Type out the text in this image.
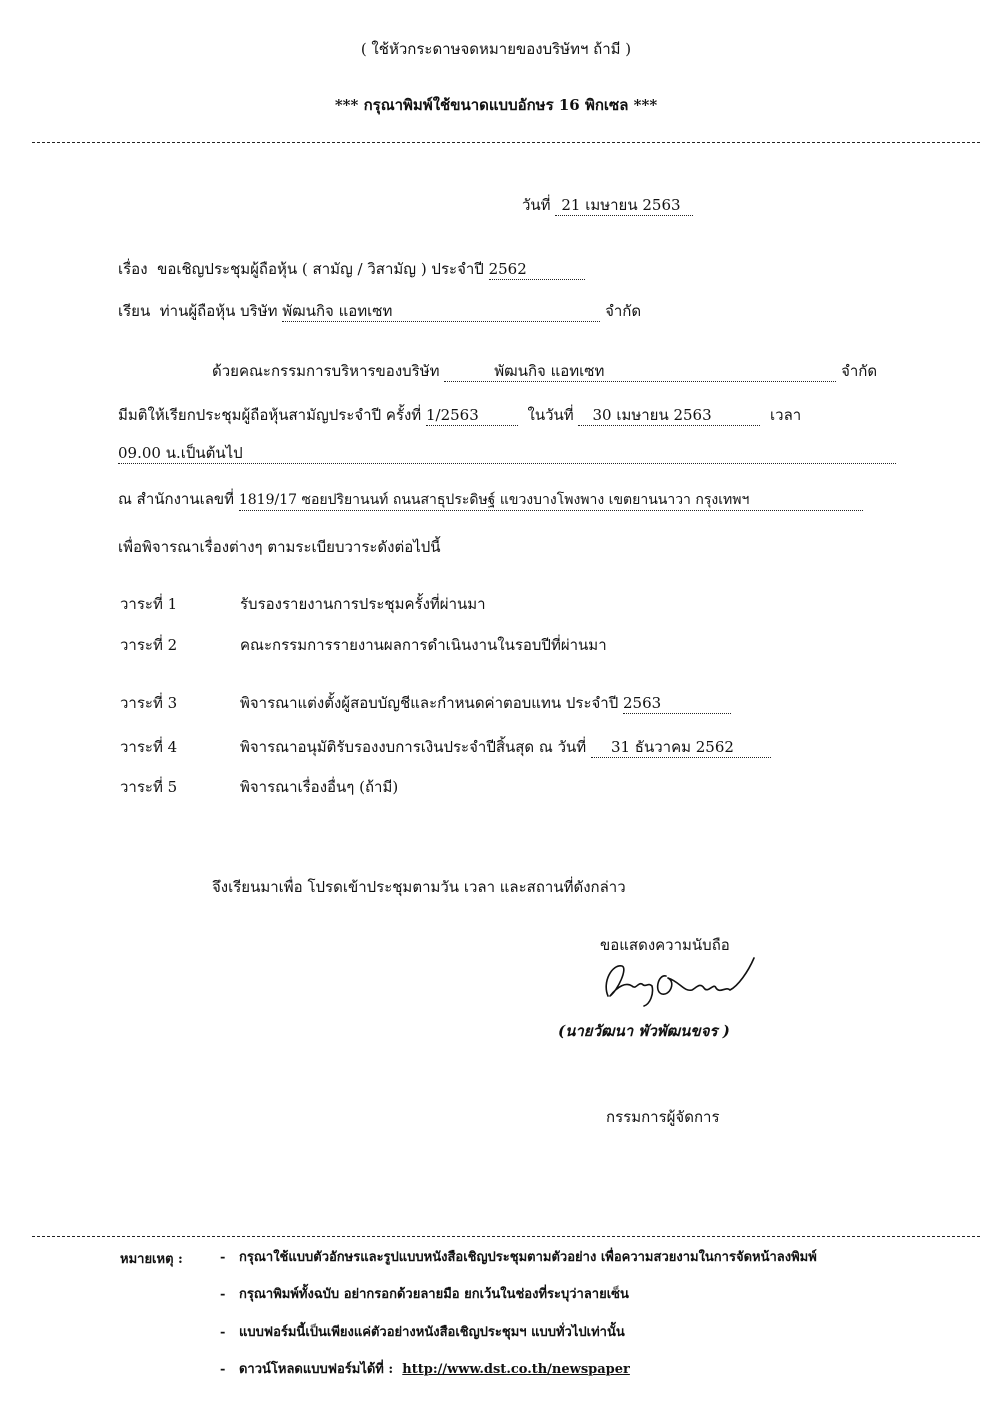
( ใช้หัวกระดาษจดหมายของบริษัทฯ ถ้ามี )
*** กรุณาพิมพ์ใช้ขนาดแบบอักษร 16 พิกเซล ***
วันที่ 21 เมษายน 2563
เรื่อง ขอเชิญประชุมผู้ถือหุ้น ( สามัญ / วิสามัญ ) ประจำปี 2562
เรียน ท่านผู้ถือหุ้น บริษัท พัฒนกิจ แอทเซท	จำกัด
ด้วยคณะกรรมการบริหารของบริษัท	พัฒนกิจ แอทเซท	จำกัด
มีมติให้เรียกประชุมผู้ถือหุ้นสามัญประจำปี ครั้งที่ 1/2563	ในวันที่ 30 เมษายน 2563	เวลา
09.00 น.เป็นต้นไป
ณ สำนักงานเลขที่ 1819/17 ซอยปริยานนท์ ถนนสาธุประดิษฐ์ แขวงบางโพงพาง เขตยานนาวา กรุงเทพฯ
เพื่อพิจารณาเรื่องต่างๆ ตามระเบียบวาระดังต่อไปนี้
วาระที่ 1	รับรองรายงานการประชุมครั้งที่ผ่านมา
วาระที่ 2	คณะกรรมการรายงานผลการดำเนินงานในรอบปีที่ผ่านมา
วาระที่ 3	พิจารณาแต่งตั้งผู้สอบบัญชีและกำหนดค่าตอบแทน ประจำปี 2563
วาระที่ 4	พิจารณาอนุมัติรับรองงบการเงินประจำปีสิ้นสุด ณ วันที่ 31 ธันวาคม 2562
วาระที่ 5	พิจารณาเรื่องอื่นๆ (ถ้ามี)
จึงเรียนมาเพื่อ โปรดเข้าประชุมตามวัน เวลา และสถานที่ดังกล่าว
ขอแสดงความนับถือ
(นายวัฒนา พัวพัฒนขจร )
กรรมการผู้จัดการ
หมายเหตุ :	-   กรุณาใช้แบบตัวอักษรและรูปแบบหนังสือเชิญประชุมตามตัวอย่าง เพื่อความสวยงามในการจัดหน้าลงพิมพ์
-   กรุณาพิมพ์ทั้งฉบับ อย่ากรอกด้วยลายมือ ยกเว้นในช่องที่ระบุว่าลายเซ็น
-   แบบฟอร์มนี้เป็นเพียงแค่ตัวอย่างหนังสือเชิญประชุมฯ แบบทั่วไปเท่านั้น
-   ดาวน์โหลดแบบฟอร์มได้ที่ : http://www.dst.co.th/newspaper
